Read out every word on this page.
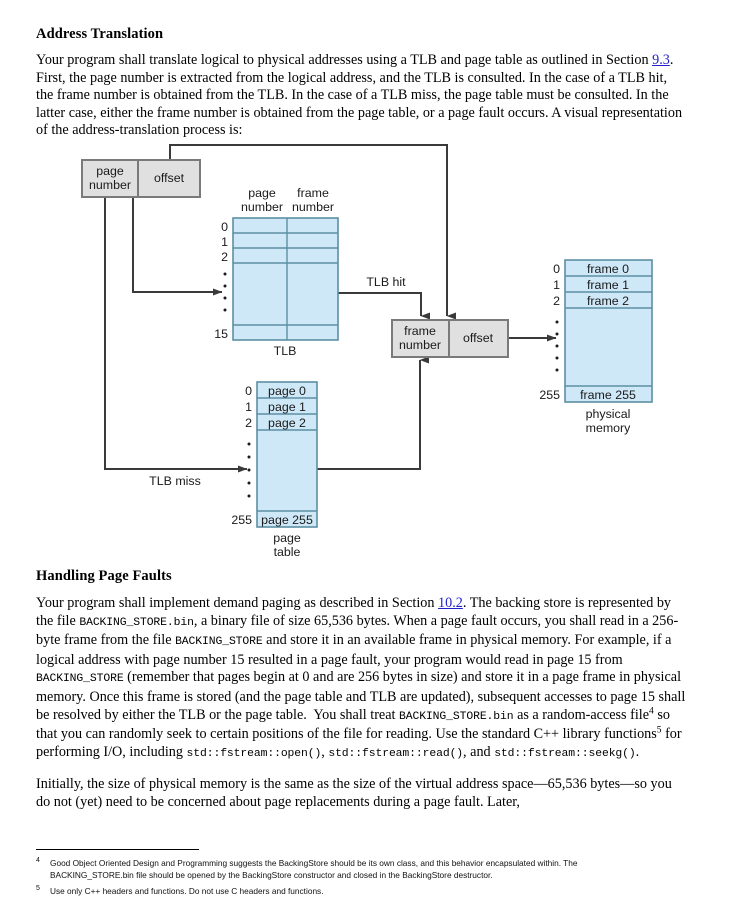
Address Translation
Your program shall translate logical to physical addresses using a TLB and page table as outlined in Section 9.3. First, the page number is extracted from the logical address, and the TLB is consulted. In the case of a TLB hit, the frame number is obtained from the TLB. In the case of a TLB miss, the page table must be consulted. In the latter case, either the frame number is obtained from the page table, or a page fault occurs. A visual representation of the address-translation process is:
page
number offset
page
number
frame
number
0
1
2
15
TLB
page 0
page 1
page 2
page 255
0
1
2
255
page
table
frame
number offset
frame 0
frame 1
frame 2
frame 255
0
1
2
255
physical
memory
TLB hit
TLB miss
Handling Page Faults
Your program shall implement demand paging as described in Section 10.2. The backing store is represented by the file BACKING_STORE.bin, a binary file of size 65,536 bytes. When a page fault occurs, you shall read in a 256-byte frame from the file BACKING_STORE and store it in an available frame in physical memory. For example, if a logical address with page number 15 resulted in a page fault, your program would read in page 15 from BACKING_STORE (remember that pages begin at 0 and are 256 bytes in size) and store it in a page frame in physical memory. Once this frame is stored (and the page table and TLB are updated), subsequent accesses to page 15 shall be resolved by either the TLB or the page table.  You shall treat BACKING_STORE.bin as a random-access file$^4$ so that you can randomly seek to certain positions of the file for reading. Use the standard C++ library functions$^5$ for performing I/O, including std::fstream::open(), std::fstream::read(), and std::fstream::seekg().
Initially, the size of physical memory is the same as the size of the virtual address space—65,536 bytes—so you do not (yet) need to be concerned about page replacements during a page fault. Later,
4 Good Object Oriented Design and Programming suggests the BackingStore should be its own class, and this behavior encapsulated within. The
BACKING_STORE.bin file should be opened by the BackingStore constructor and closed in the BackingStore destructor.
5 Use only C++ headers and functions. Do not use C headers and functions.
